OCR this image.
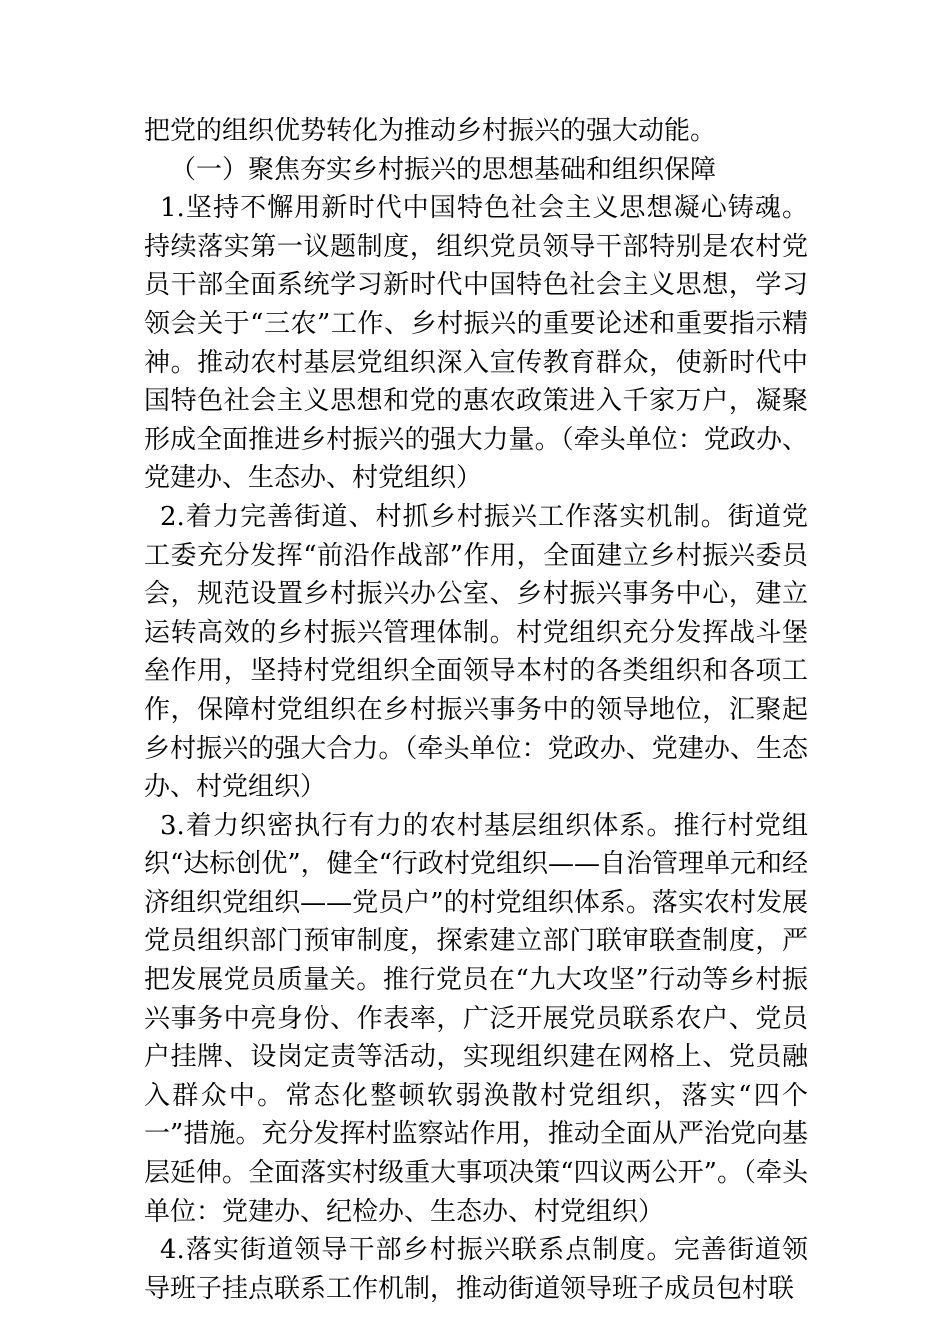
把党的组织优势转化为推动乡村振兴的强大动能。

（一）聚焦夯实乡村振兴的思想基础和组织保障

1.坚持不懈用新时代中国特色社会主义思想凝心铸魂。持续落实第一议题制度，组织党员领导干部特别是农村党员干部全面系统学习新时代中国特色社会主义思想，学习领会关于“三农”工作、乡村振兴的重要论述和重要指示精神。推动农村基层党组织深入宣传教育群众，使新时代中国特色社会主义思想和党的惠农政策进入千家万户，凝聚形成全面推进乡村振兴的强大力量。（牵头单位：党政办、党建办、生态办、村党组织）

2.着力完善街道、村抓乡村振兴工作落实机制。街道党工委充分发挥“前沿作战部”作用，全面建立乡村振兴委员会，规范设置乡村振兴办公室、乡村振兴事务中心，建立运转高效的乡村振兴管理体制。村党组织充分发挥战斗堡垒作用，坚持村党组织全面领导本村的各类组织和各项工作，保障村党组织在乡村振兴事务中的领导地位，汇聚起乡村振兴的强大合力。（牵头单位：党政办、党建办、生态办、村党组织）

3.着力织密执行有力的农村基层组织体系。推行村党组织“达标创优”，健全“行政村党组织——自治管理单元和经济组织党组织——党员户”的村党组织体系。落实农村发展党员组织部门预审制度，探索建立部门联审联查制度，严把发展党员质量关。推行党员在“九大攻坚”行动等乡村振兴事务中亮身份、作表率，广泛开展党员联系农户、党员户挂牌、设岗定责等活动，实现组织建在网格上、党员融入群众中。常态化整顿软弱涣散村党组织，落实“四个一”措施。充分发挥村监察站作用，推动全面从严治党向基层延伸。全面落实村级重大事项决策“四议两公开”。（牵头单位：党建办、纪检办、生态办、村党组织）

4.落实街道领导干部乡村振兴联系点制度。完善街道领导班子挂点联系工作机制，推动街道领导班子成员包村联
